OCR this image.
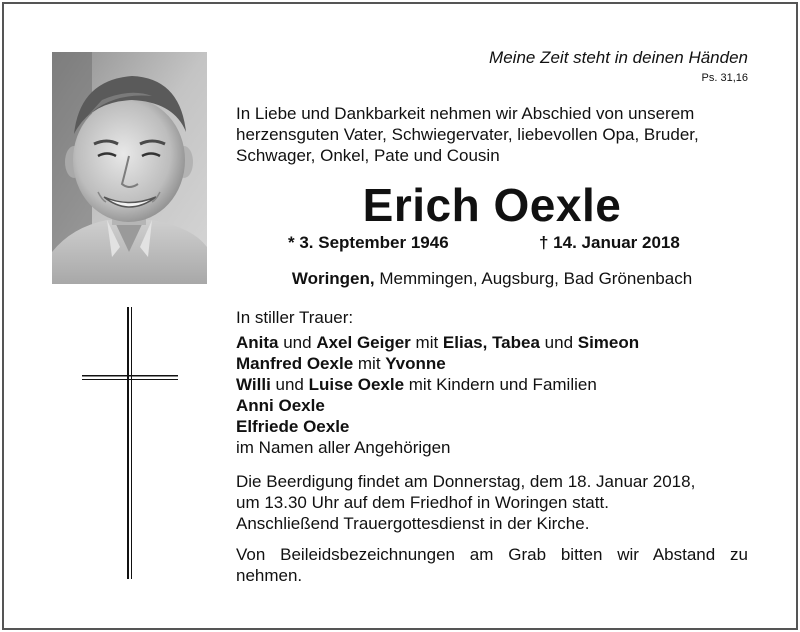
Meine Zeit steht in deinen Händen
Ps. 31,16
In Liebe und Dankbarkeit nehmen wir Abschied von unserem
herzensguten Vater, Schwiegervater, liebevollen Opa, Bruder,
Schwager, Onkel, Pate und Cousin
Erich Oexle
* 3. September 1946	† 14. Januar 2018
Woringen, Memmingen, Augsburg, Bad Grönenbach
In stiller Trauer:
Anita und Axel Geiger mit Elias, Tabea und Simeon
Manfred Oexle mit Yvonne
Willi und Luise Oexle mit Kindern und Familien
Anni Oexle
Elfriede Oexle
im Namen aller Angehörigen
Die Beerdigung findet am Donnerstag, dem 18. Januar 2018,
um 13.30 Uhr auf dem Friedhof in Woringen statt.
Anschließend Trauergottesdienst in der Kirche.
Von Beileidsbezeichnungen am Grab bitten wir Abstand zu
nehmen.
